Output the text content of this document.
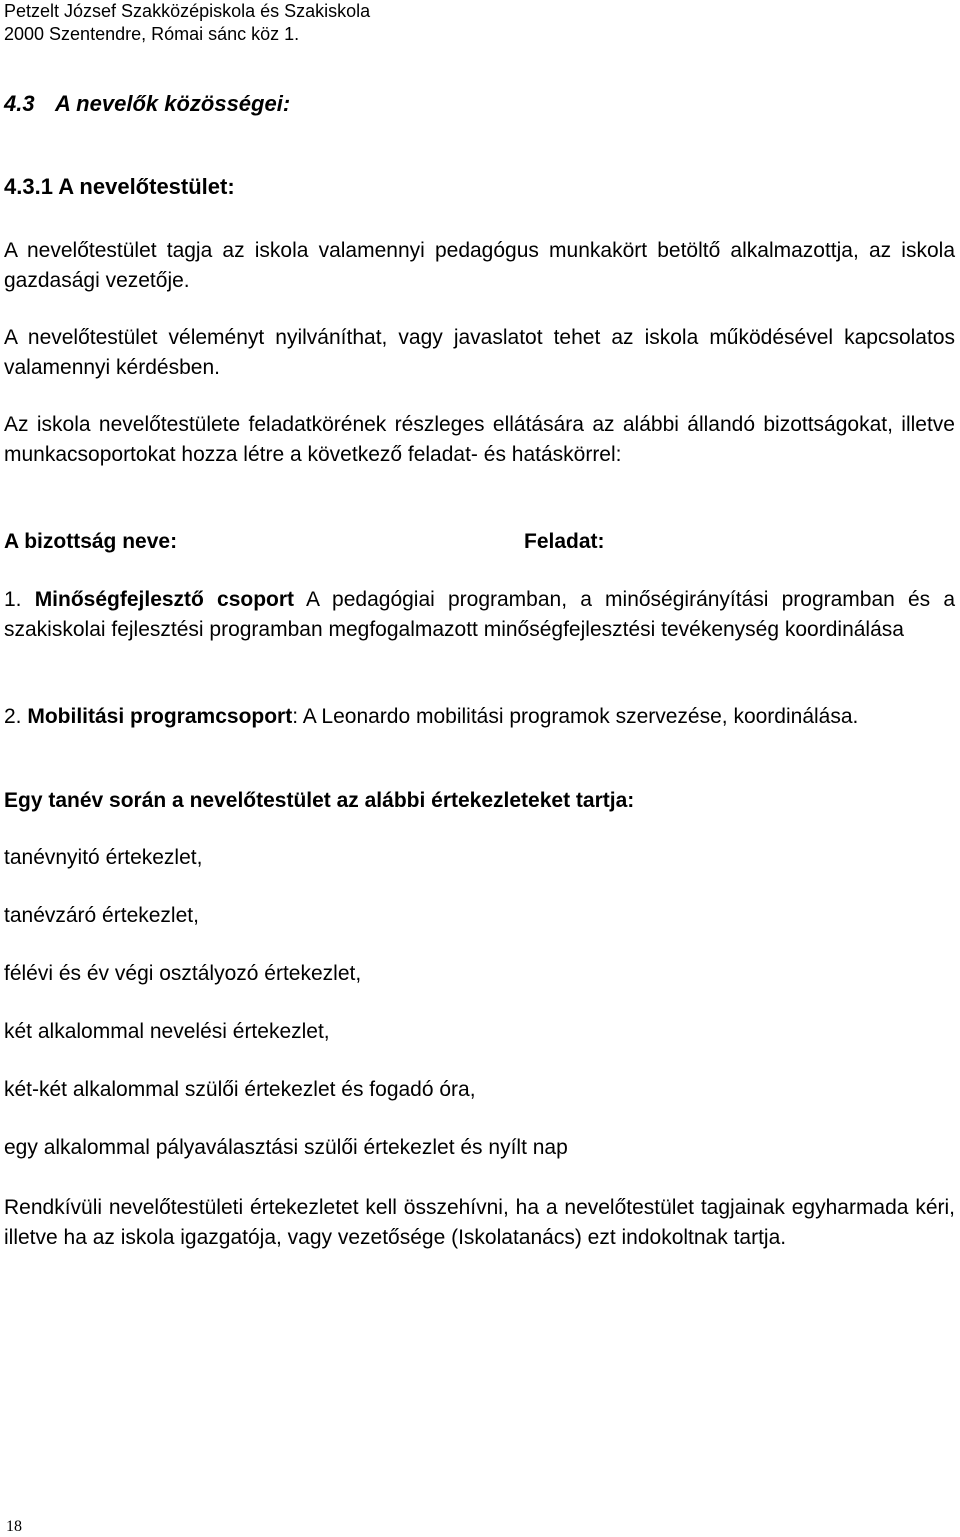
Petzelt József Szakközépiskola és Szakiskola
2000 Szentendre, Római sánc köz 1.
4.3 A nevelők közösségei:
4.3.1 A nevelőtestület:
A nevelőtestület tagja az iskola valamennyi pedagógus munkakört betöltő alkalmazottja, az iskola gazdasági vezetője.
A nevelőtestület véleményt nyilváníthat, vagy javaslatot tehet az iskola működésével kapcsolatos valamennyi kérdésben.
Az iskola nevelőtestülete feladatkörének részleges ellátására az alábbi állandó bizottságokat, illetve munkacsoportokat hozza létre a következő feladat- és hatáskörrel:
A bizottság neve:	Feladat:
1. Minőségfejlesztő csoport A pedagógiai programban, a minőségirányítási programban és a szakiskolai fejlesztési programban megfogalmazott minőségfejlesztési tevékenység koordinálása
2. Mobilitási programcsoport: A Leonardo mobilitási programok szervezése, koordinálása.
Egy tanév során a nevelőtestület az alábbi értekezleteket tartja:
tanévnyitó értekezlet,
tanévzáró értekezlet,
félévi és év végi osztályozó értekezlet,
két alkalommal nevelési értekezlet,
két-két alkalommal szülői értekezlet és fogadó óra,
egy alkalommal pályaválasztási szülői értekezlet és nyílt nap
Rendkívüli nevelőtestületi értekezletet kell összehívni, ha a nevelőtestület tagjainak egyharmada kéri, illetve ha az iskola igazgatója, vagy vezetősége (Iskolatanács) ezt indokoltnak tartja.
18
